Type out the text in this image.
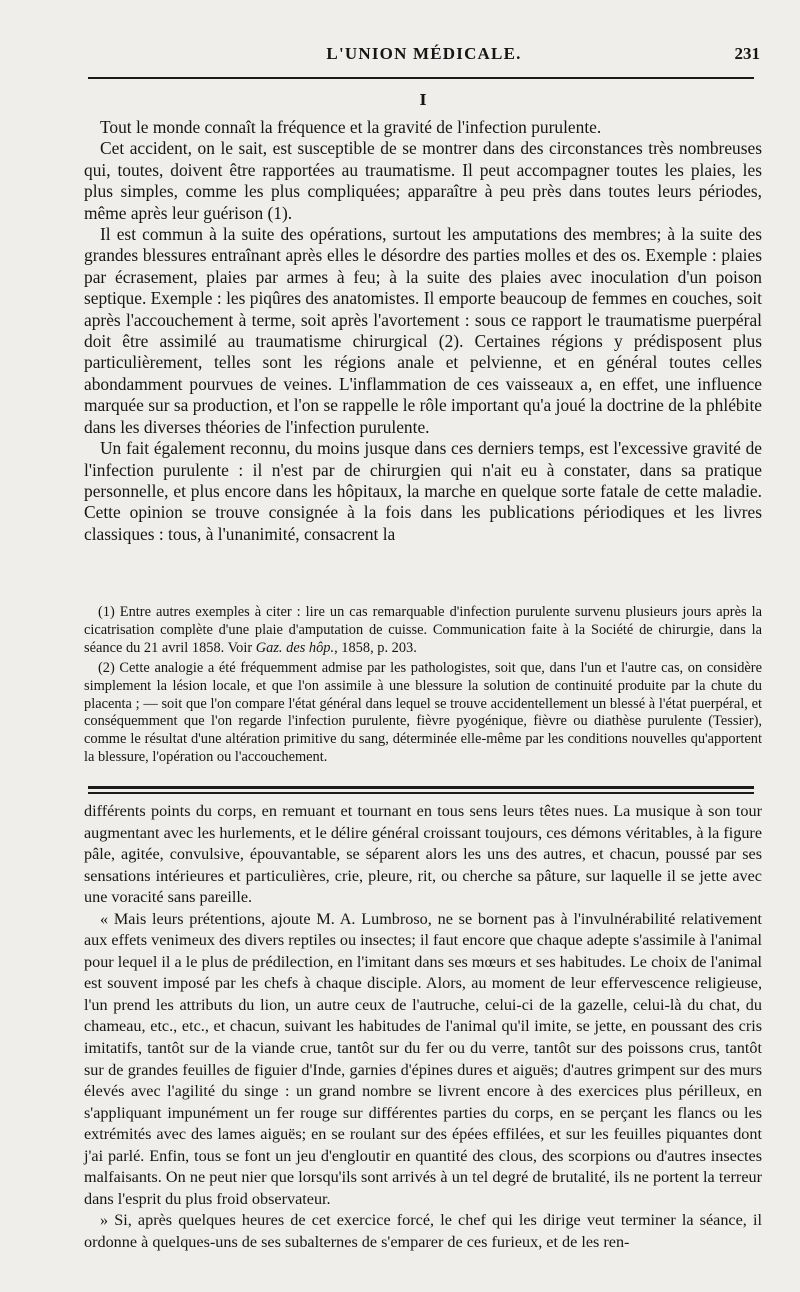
L'UNION MÉDICALE.	231
I

Tout le monde connaît la fréquence et la gravité de l'infection purulente.

Cet accident, on le sait, est susceptible de se montrer dans des circonstances très nombreuses qui, toutes, doivent être rapportées au traumatisme. Il peut accompagner toutes les plaies, les plus simples, comme les plus compliquées; apparaître à peu près dans toutes leurs périodes, même après leur guérison (1).

Il est commun à la suite des opérations, surtout les amputations des membres; à la suite des grandes blessures entraînant après elles le désordre des parties molles et des os. Exemple : plaies par écrasement, plaies par armes à feu; à la suite des plaies avec inoculation d'un poison septique. Exemple : les piqûres des anatomistes. Il emporte beaucoup de femmes en couches, soit après l'accouchement à terme, soit après l'avortement : sous ce rapport le traumatisme puerpéral doit être assimilé au traumatisme chirurgical (2). Certaines régions y prédisposent plus particulièrement, telles sont les régions anale et pelvienne, et en général toutes celles abondamment pourvues de veines. L'inflammation de ces vaisseaux a, en effet, une influence marquée sur sa production, et l'on se rappelle le rôle important qu'a joué la doctrine de la phlébite dans les diverses théories de l'infection purulente.

Un fait également reconnu, du moins jusque dans ces derniers temps, est l'excessive gravité de l'infection purulente : il n'est par de chirurgien qui n'ait eu à constater, dans sa pratique personnelle, et plus encore dans les hôpitaux, la marche en quelque sorte fatale de cette maladie. Cette opinion se trouve consignée à la fois dans les publications périodiques et les livres classiques : tous, à l'unanimité, consacrent la

(1) Entre autres exemples à citer : lire un cas remarquable d'infection purulente survenu plusieurs jours après la cicatrisation complète d'une plaie d'amputation de cuisse. Communication faite à la Société de chirurgie, dans la séance du 21 avril 1858. Voir Gaz. des hôp., 1858, p. 203.

(2) Cette analogie a été fréquemment admise par les pathologistes, soit que, dans l'un et l'autre cas, on considère simplement la lésion locale, et que l'on assimile à une blessure la solution de continuité produite par la chute du placenta ; — soit que l'on compare l'état général dans lequel se trouve accidentellement un blessé à l'état puerpéral, et conséquemment que l'on regarde l'infection purulente, fièvre pyogénique, fièvre ou diathèse purulente (Tessier), comme le résultat d'une altération primitive du sang, déterminée elle-même par les conditions nouvelles qu'apportent la blessure, l'opération ou l'accouchement.

différents points du corps, en remuant et tournant en tous sens leurs têtes nues. La musique à son tour augmentant avec les hurlements, et le délire général croissant toujours, ces démons véritables, à la figure pâle, agitée, convulsive, épouvantable, se séparent alors les uns des autres, et chacun, poussé par ses sensations intérieures et particulières, crie, pleure, rit, ou cherche sa pâture, sur laquelle il se jette avec une voracité sans pareille.

« Mais leurs prétentions, ajoute M. A. Lumbroso, ne se bornent pas à l'invulnérabilité relativement aux effets venimeux des divers reptiles ou insectes; il faut encore que chaque adepte s'assimile à l'animal pour lequel il a le plus de prédilection, en l'imitant dans ses mœurs et ses habitudes. Le choix de l'animal est souvent imposé par les chefs à chaque disciple. Alors, au moment de leur effervescence religieuse, l'un prend les attributs du lion, un autre ceux de l'autruche, celui-ci de la gazelle, celui-là du chat, du chameau, etc., etc., et chacun, suivant les habitudes de l'animal qu'il imite, se jette, en poussant des cris imitatifs, tantôt sur de la viande crue, tantôt sur du fer ou du verre, tantôt sur des poissons crus, tantôt sur de grandes feuilles de figuier d'Inde, garnies d'épines dures et aiguës; d'autres grimpent sur des murs élevés avec l'agilité du singe : un grand nombre se livrent encore à des exercices plus périlleux, en s'appliquant impunément un fer rouge sur différentes parties du corps, en se perçant les flancs ou les extrémités avec des lames aiguës; en se roulant sur des épées effilées, et sur les feuilles piquantes dont j'ai parlé. Enfin, tous se font un jeu d'engloutir en quantité des clous, des scorpions ou d'autres insectes malfaisants. On ne peut nier que lorsqu'ils sont arrivés à un tel degré de brutalité, ils ne portent la terreur dans l'esprit du plus froid observateur.

» Si, après quelques heures de cet exercice forcé, le chef qui les dirige veut terminer la séance, il ordonne à quelques-uns de ses subalternes de s'emparer de ces furieux, et de les ren-
